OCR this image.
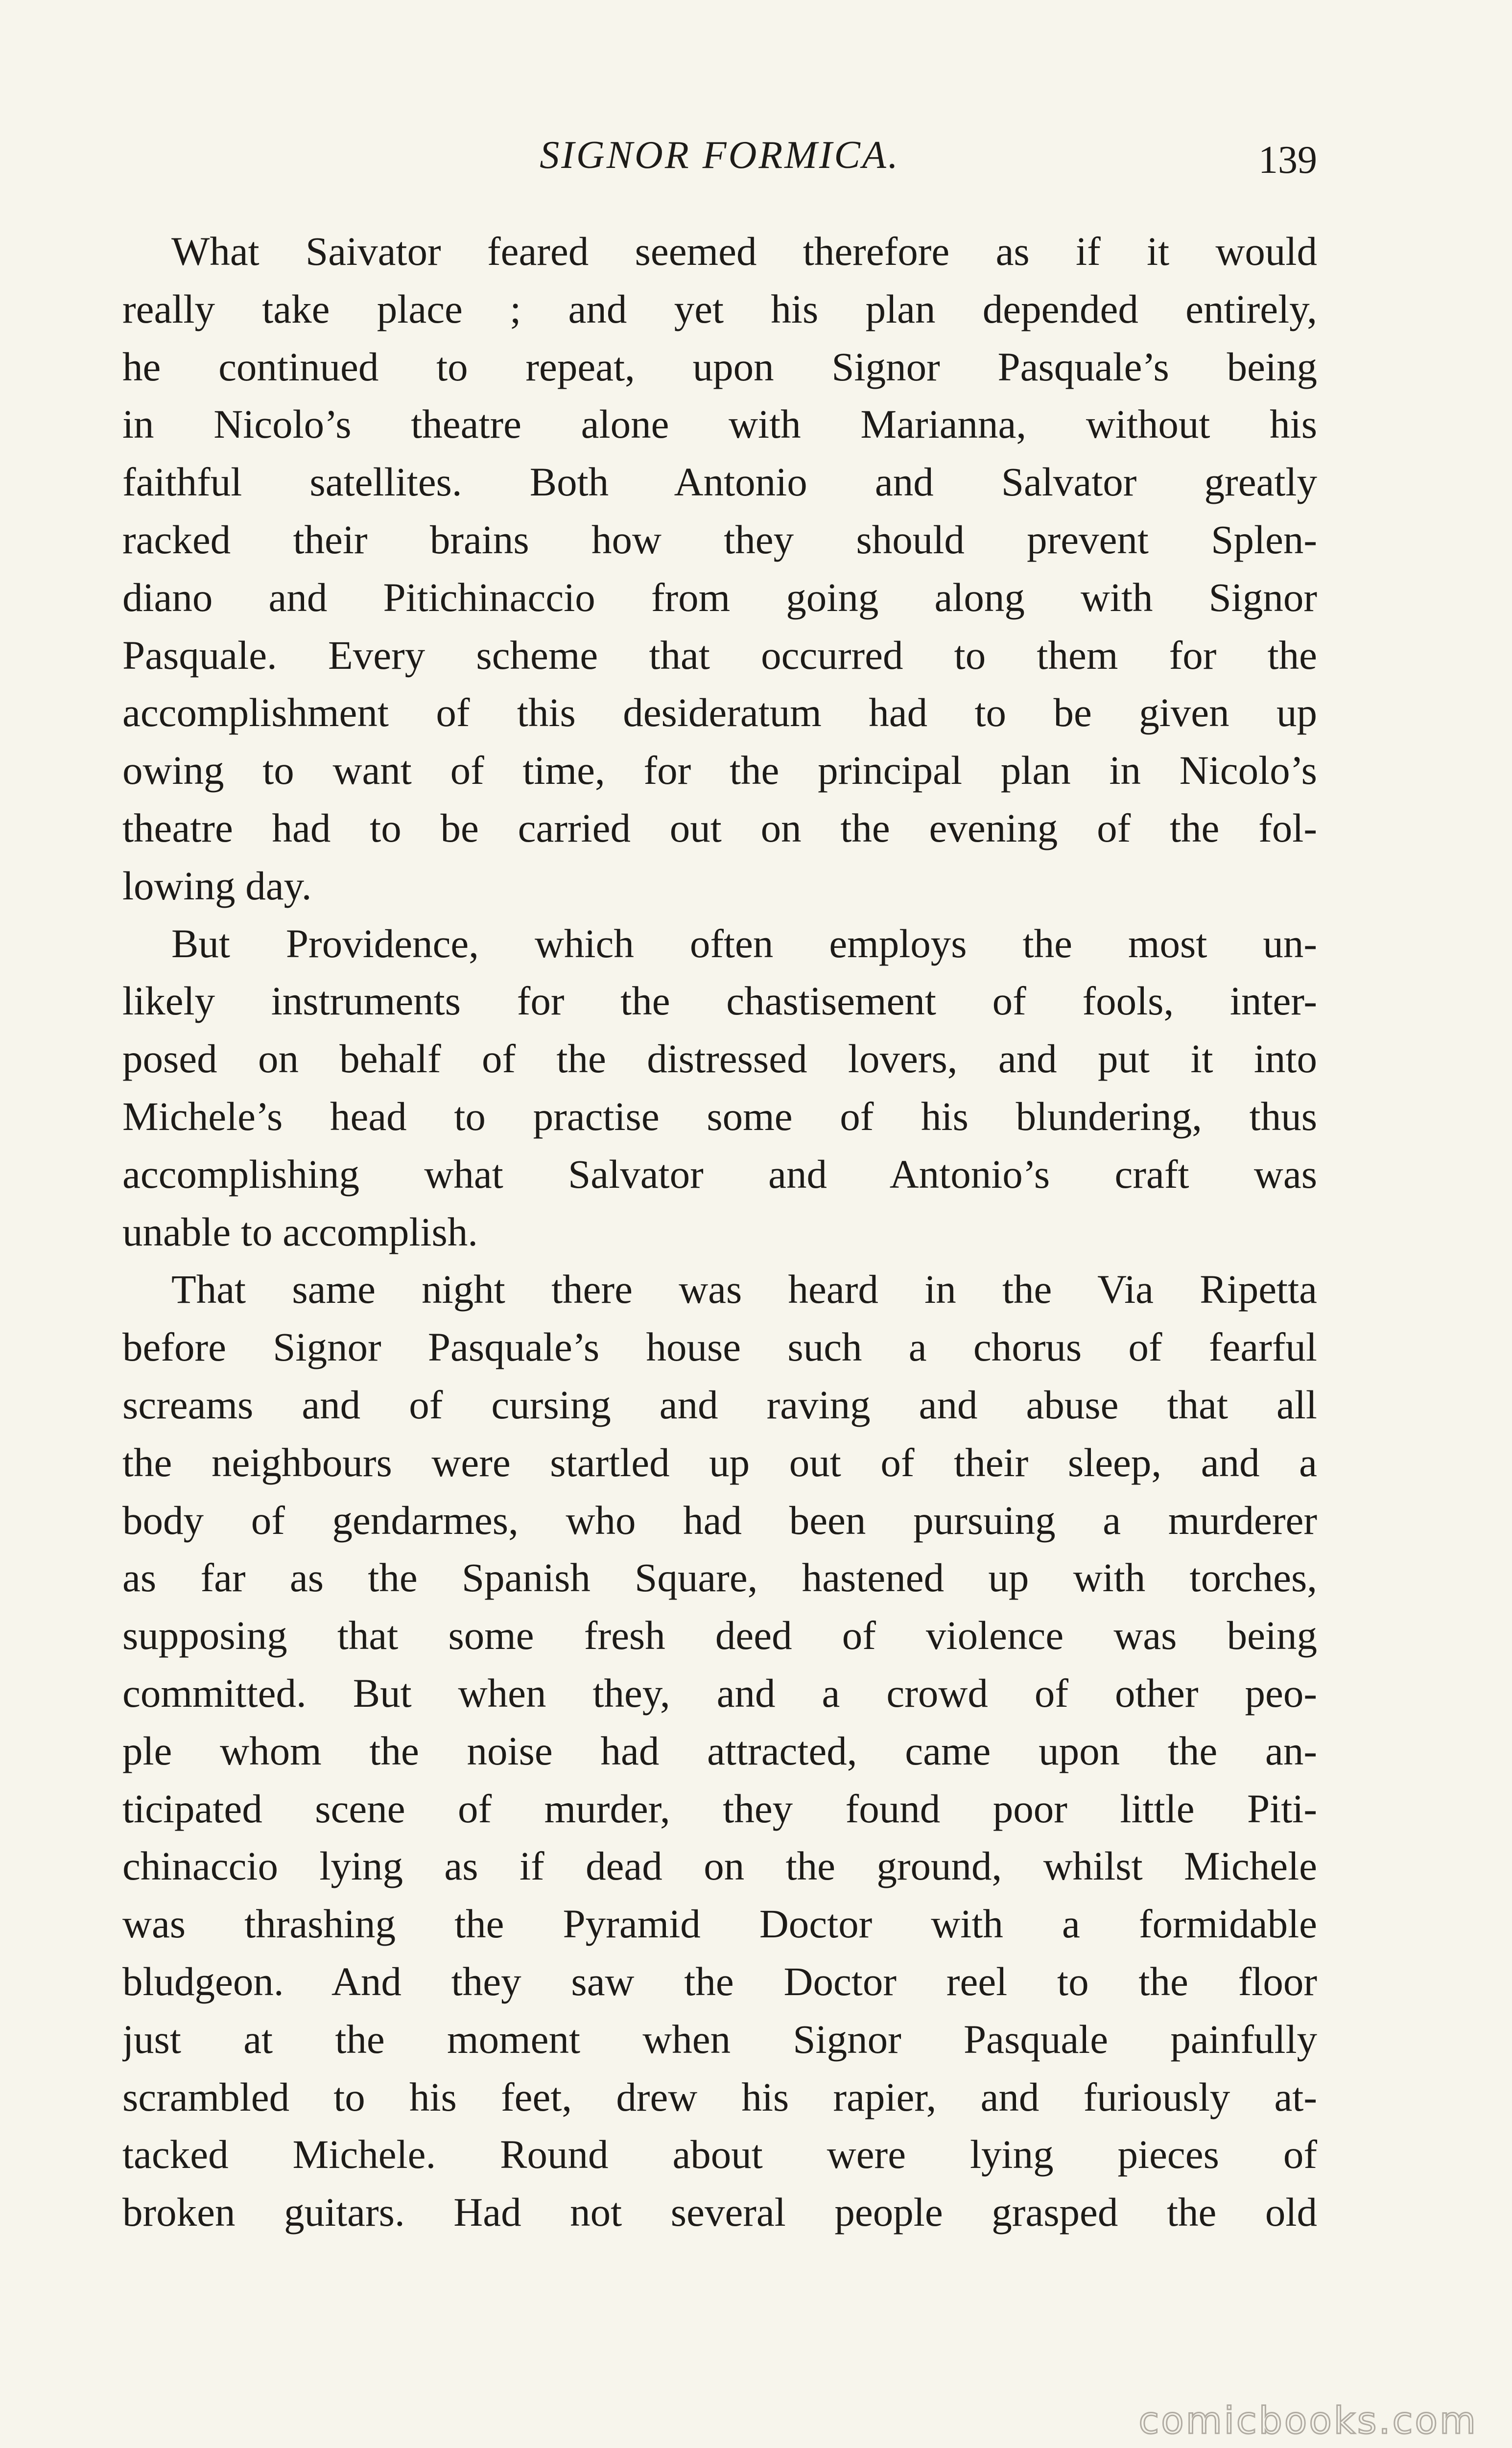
SIGNOR FORMICA.	139
What Saivator feared seemed therefore as if it would
really take place ; and yet his plan depended entirely,
he continued to repeat, upon Signor Pasquale’s being
in Nicolo’s theatre alone with Marianna, without his
faithful satellites. Both Antonio and Salvator greatly
racked their brains how they should prevent Splen-
diano and Pitichinaccio from going along with Signor
Pasquale. Every scheme that occurred to them for the
accomplishment of this desideratum had to be given up
owing to want of time, for the principal plan in Nicolo’s
theatre had to be carried out on the evening of the fol-
lowing day.
But Providence, which often employs the most un-
likely instruments for the chastisement of fools, inter-
posed on behalf of the distressed lovers, and put it into
Michele’s head to practise some of his blundering, thus
accomplishing what Salvator and Antonio’s craft was
unable to accomplish.
That same night there was heard in the Via Ripetta
before Signor Pasquale’s house such a chorus of fearful
screams and of cursing and raving and abuse that all
the neighbours were startled up out of their sleep, and a
body of gendarmes, who had been pursuing a murderer
as far as the Spanish Square, hastened up with torches,
supposing that some fresh deed of violence was being
committed. But when they, and a crowd of other peo-
ple whom the noise had attracted, came upon the an-
ticipated scene of murder, they found poor little Piti-
chinaccio lying as if dead on the ground, whilst Michele
was thrashing the Pyramid Doctor with a formidable
bludgeon. And they saw the Doctor reel to the floor
just at the moment when Signor Pasquale painfully
scrambled to his feet, drew his rapier, and furiously at-
tacked Michele. Round about were lying pieces of
broken guitars. Had not several people grasped the old
comicbooks.com
